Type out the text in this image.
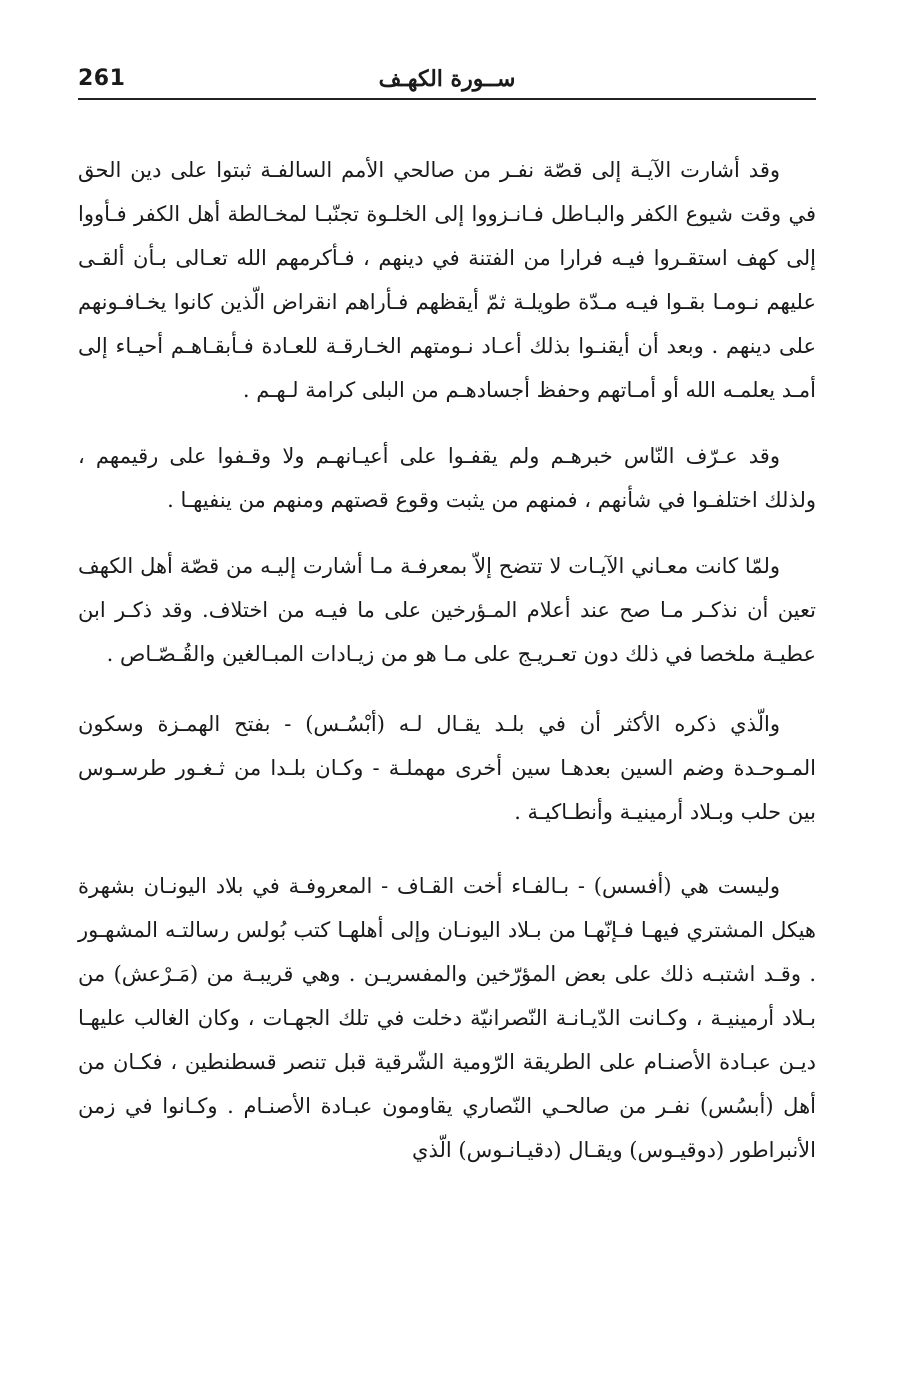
261	ســورة الكهـف

وقد أشارت الآيـة إلى قصّة نفـر من صالحي الأمم السالفـة ثبتوا على دين الحق في وقت شيوع الكفر والبـاطل فـانـزووا إلى الخلـوة تجنّبـا لمخـالطة أهل الكفر فـأووا إلى كهف استقـروا فيـه فرارا من الفتنة في دينهم ، فـأكرمهم الله تعـالى بـأن ألقـى عليهم نـومـا بقـوا فيـه مـدّة طويلـة ثمّ أيقظهم فـأراهم انقراض الّذين كانوا يخـافـونهم على دينهم . وبعد أن أيقنـوا بذلك أعـاد نـومتهم الخـارقـة للعـادة فـأبقـاهـم أحيـاء إلى أمـد يعلمـه الله أو أمـاتهم وحفظ أجسادهـم من البلى كرامة لـهـم .

وقد عـرّف النّاس خبرهـم ولم يقفـوا على أعيـانهـم ولا وقـفوا على رقيمهم ، ولذلك اختلفـوا في شأنهم ، فمنهم من يثبت وقوع قصتهم ومنهم من ينفيهـا .

ولمّا كانت معـاني الآيـات لا تتضح إلاّ بمعرفـة مـا أشارت إليـه من قصّة أهل الكهف تعين أن نذكـر مـا صح عند أعلام المـؤرخين على ما فيـه من اختلاف. وقد ذكـر ابن عطيـة ملخصا في ذلك دون تعـريـج على مـا هو من زيـادات المبـالغين والقُـصّـاص .

والّذي ذكره الأكثر أن في بلـد يقـال لـه (أبْسُـس) - بفتح الهمـزة وسكون المـوحـدة وضم السين بعدهـا سين أخرى مهملـة - وكـان بلـدا من ثـغـور طرسـوس بين حلب وبـلاد أرمينيـة وأنطـاكيـة .

وليست هي (أفسس) - بـالفـاء أخت القـاف - المعروفـة في بلاد اليونـان بشهرة هيكل المشتري فيهـا فـإنّهـا من بـلاد اليونـان وإلى أهلهـا كتب بُولس رسالتـه المشهـور . وقـد اشتبـه ذلك على بعض المؤرّخين والمفسريـن . وهي قريبـة من (مَـرْعش) من بـلاد أرمينيـة ، وكـانت الدّيـانـة النّصرانيّة دخلت في تلك الجهـات ، وكان الغالب عليهـا ديـن عبـادة الأصنـام على الطريقة الرّومية الشّرقية قبل تنصر قسطنطين ، فكـان من أهل (أبسُس) نفـر من صالحـي النّصاري يقاومون عبـادة الأصنـام . وكـانوا في زمن الأنبراطور (دوقيـوس) ويقـال (دقيـانـوس) الّذي
